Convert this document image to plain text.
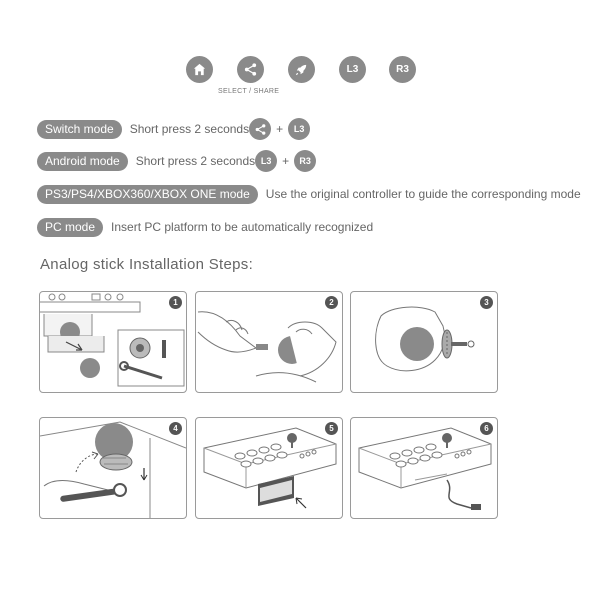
L3	R3
SELECT / SHARE
Switch mode	Short press 2 seconds + L3
Android mode	Short press 2 seconds L3 + R3
PS3/PS4/XBOX360/XBOX ONE mode	Use the original controller to guide the corresponding mode
PC mode	Insert PC platform to be automatically recognized
Analog stick Installation Steps:
1	2	3
4	5	6
